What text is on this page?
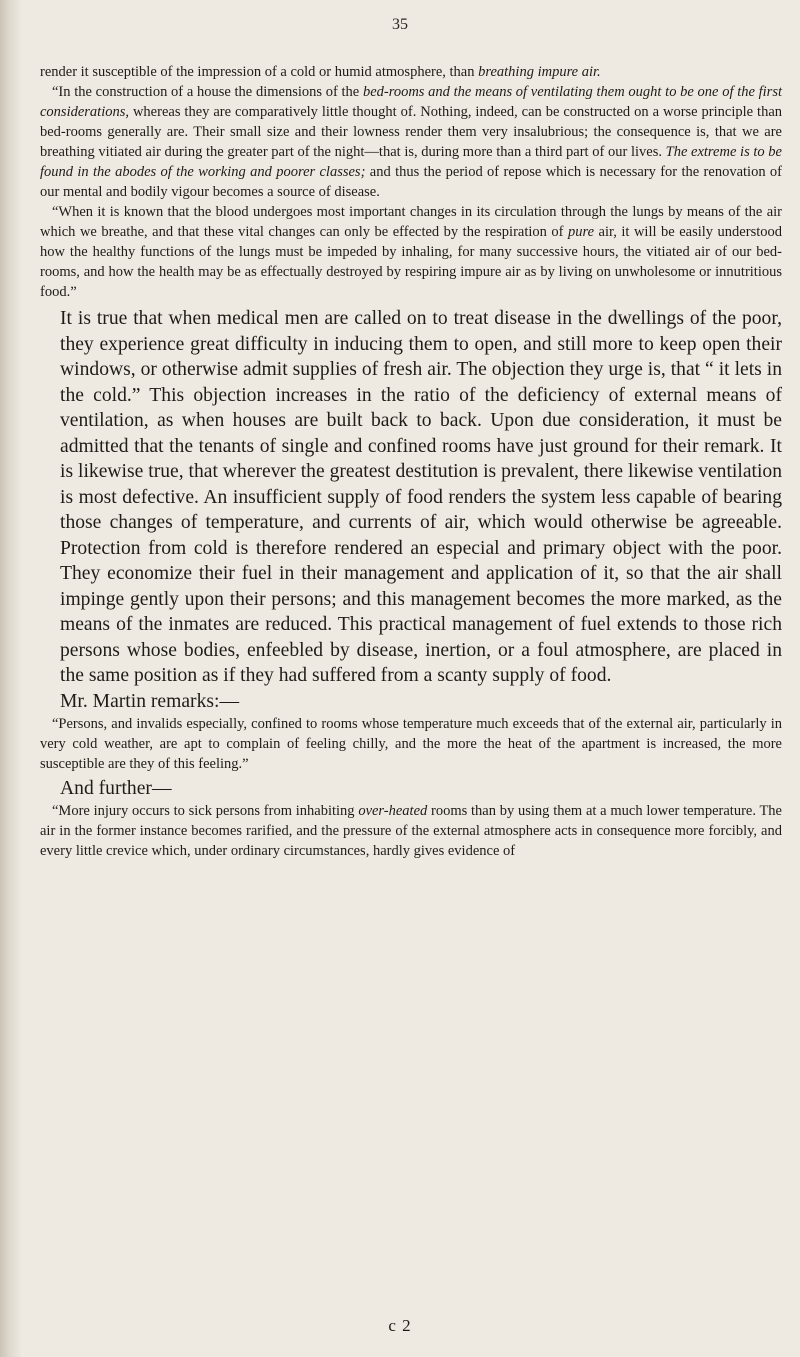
35

render it susceptible of the impression of a cold or humid atmosphere, than breathing impure air.

“In the construction of a house the dimensions of the bed-rooms and the means of ventilating them ought to be one of the first considerations, whereas they are comparatively little thought of. Nothing, indeed, can be constructed on a worse principle than bed-rooms generally are. Their small size and their lowness render them very insalubrious; the consequence is, that we are breathing vitiated air during the greater part of the night—that is, during more than a third part of our lives. The extreme is to be found in the abodes of the working and poorer classes; and thus the period of repose which is necessary for the renovation of our mental and bodily vigour becomes a source of disease.

“When it is known that the blood undergoes most important changes in its circulation through the lungs by means of the air which we breathe, and that these vital changes can only be effected by the respiration of pure air, it will be easily understood how the healthy functions of the lungs must be impeded by inhaling, for many successive hours, the vitiated air of our bed-rooms, and how the health may be as effectually destroyed by respiring impure air as by living on unwholesome or innutritious food.”

It is true that when medical men are called on to treat disease in the dwellings of the poor, they experience great difficulty in inducing them to open, and still more to keep open their windows, or otherwise admit supplies of fresh air. The objection they urge is, that “ it lets in the cold.” This objection increases in the ratio of the deficiency of external means of ventilation, as when houses are built back to back. Upon due consideration, it must be admitted that the tenants of single and confined rooms have just ground for their remark. It is likewise true, that wherever the greatest destitution is prevalent, there likewise ventilation is most defective. An insufficient supply of food renders the system less capable of bearing those changes of temperature, and currents of air, which would otherwise be agreeable. Protection from cold is therefore rendered an especial and primary object with the poor. They economize their fuel in their management and application of it, so that the air shall impinge gently upon their persons; and this management becomes the more marked, as the means of the inmates are reduced. This practical management of fuel extends to those rich persons whose bodies, enfeebled by disease, inertion, or a foul atmosphere, are placed in the same position as if they had suffered from a scanty supply of food.

Mr. Martin remarks:—

“Persons, and invalids especially, confined to rooms whose temperature much exceeds that of the external air, particularly in very cold weather, are apt to complain of feeling chilly, and the more the heat of the apartment is increased, the more susceptible are they of this feeling.”

And further—

“More injury occurs to sick persons from inhabiting over-heated rooms than by using them at a much lower temperature. The air in the former instance becomes rarified, and the pressure of the external atmosphere acts in consequence more forcibly, and every little crevice which, under ordinary circumstances, hardly gives evidence of

c 2
